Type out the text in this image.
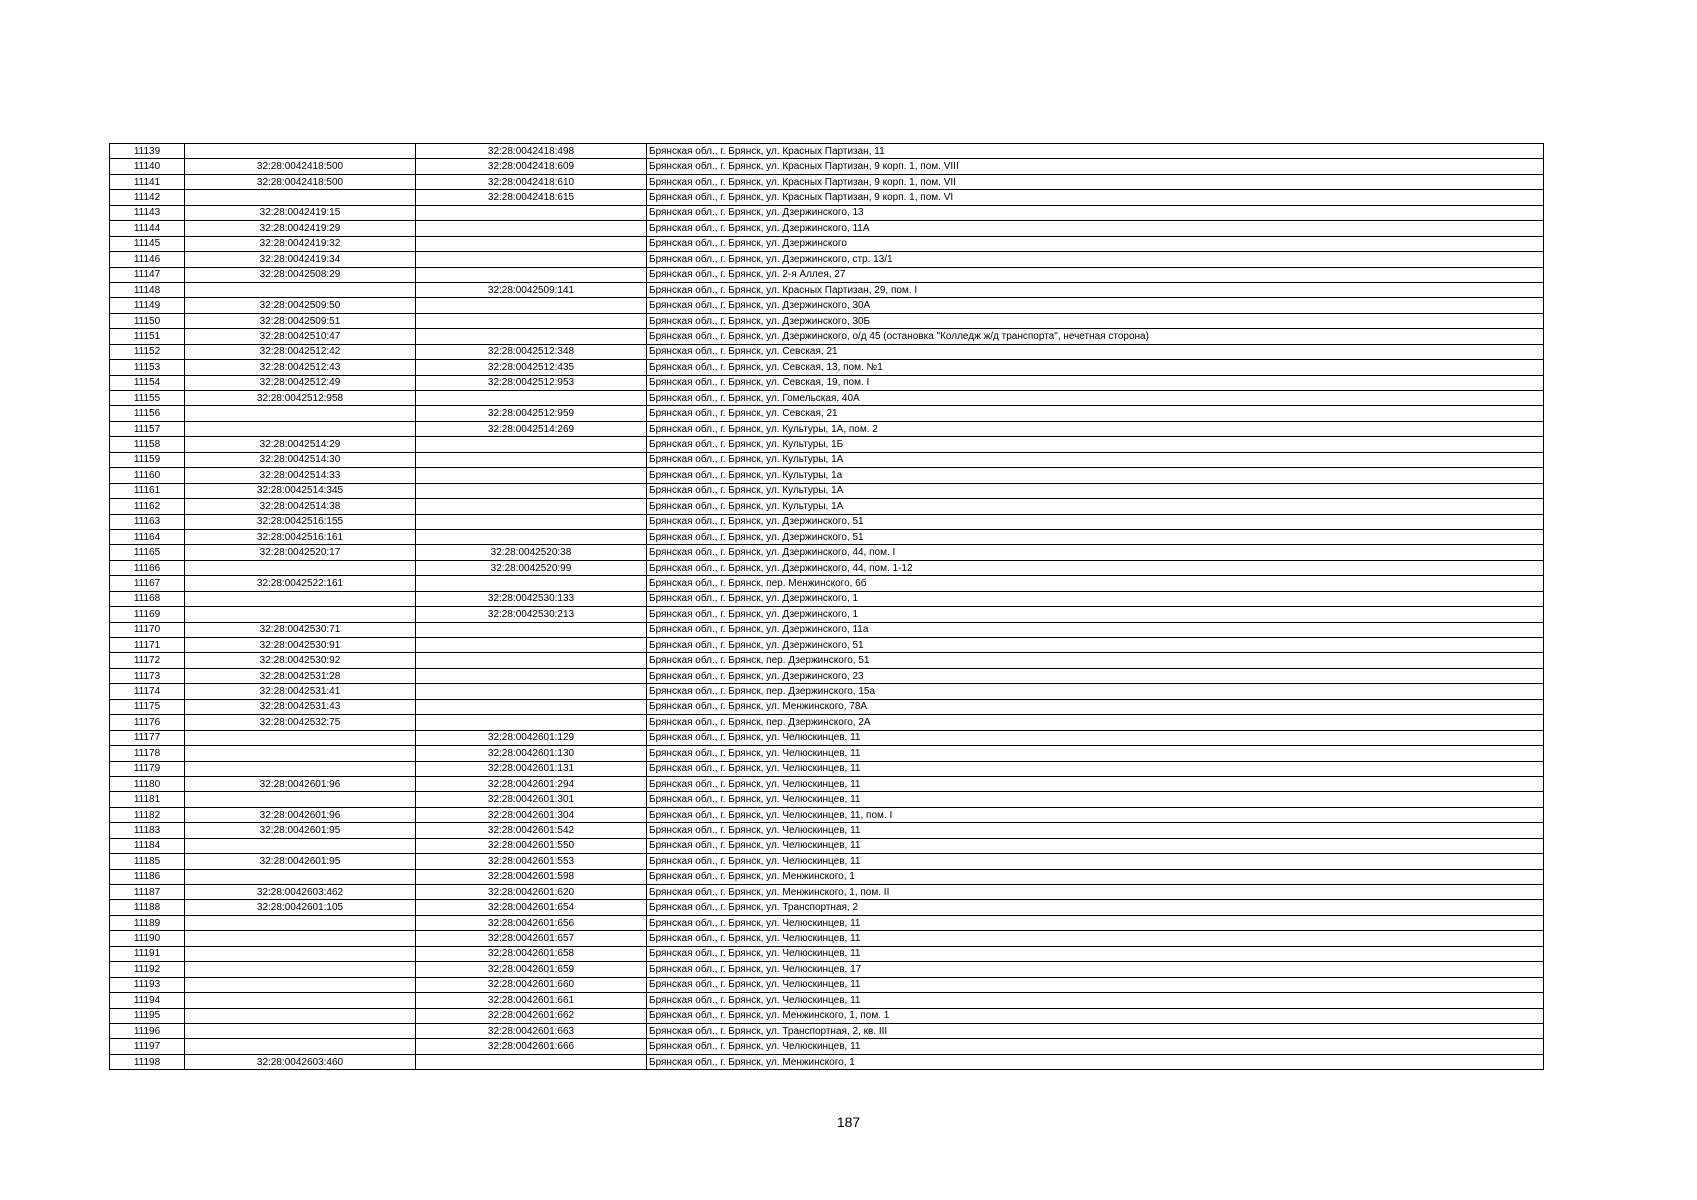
11139		32:28:0042418:498	Брянская обл., г. Брянск, ул. Красных Партизан, 11
11140	32:28:0042418:500	32:28:0042418:609	Брянская обл., г. Брянск, ул. Красных Партизан, 9 корп. 1, пом. VIII
11141	32:28:0042418:500	32:28:0042418:610	Брянская обл., г. Брянск, ул. Красных Партизан, 9 корп. 1, пом. VII
11142		32:28:0042418:615	Брянская обл., г. Брянск, ул. Красных Партизан, 9 корп. 1, пом. VI
11143	32:28:0042419:15		Брянская обл., г. Брянск, ул. Дзержинского, 13
11144	32:28:0042419:29		Брянская обл., г. Брянск, ул. Дзержинского, 11А
11145	32:28:0042419:32		Брянская обл., г. Брянск, ул. Дзержинского
11146	32:28:0042419:34		Брянская обл., г. Брянск, ул. Дзержинского, стр. 13/1
11147	32:28:0042508:29		Брянская обл., г. Брянск, ул. 2-я Аллея, 27
11148		32:28:0042509:141	Брянская обл., г. Брянск, ул. Красных Партизан, 29, пом. I
11149	32:28:0042509:50		Брянская обл., г. Брянск, ул. Дзержинского, 30А
11150	32:28:0042509:51		Брянская обл., г. Брянск, ул. Дзержинского, 30Б
11151	32:28:0042510:47		Брянская обл., г. Брянск, ул. Дзержинского, о/д 45 (остановка "Колледж ж/д транспорта", нечетная сторона)
11152	32:28:0042512:42	32:28:0042512:348	Брянская обл., г. Брянск, ул. Севская, 21
11153	32:28:0042512:43	32:28:0042512:435	Брянская обл., г. Брянск, ул. Севская, 13, пом. №1
11154	32:28:0042512:49	32:28:0042512:953	Брянская обл., г. Брянск, ул. Севская, 19, пом. I
11155	32:28:0042512:958		Брянская обл., г. Брянск, ул. Гомельская, 40А
11156		32:28:0042512:959	Брянская обл., г. Брянск, ул. Севская, 21
11157		32:28:0042514:269	Брянская обл., г. Брянск, ул. Культуры, 1А, пом. 2
11158	32:28:0042514:29		Брянская обл., г. Брянск, ул. Культуры, 1Б
11159	32:28:0042514:30		Брянская обл., г. Брянск, ул. Культуры, 1А
11160	32:28:0042514:33		Брянская обл., г. Брянск, ул. Культуры, 1а
11161	32:28:0042514:345		Брянская обл., г. Брянск, ул. Культуры, 1А
11162	32:28:0042514:38		Брянская обл., г. Брянск, ул. Культуры, 1А
11163	32:28:0042516:155		Брянская обл., г. Брянск, ул. Дзержинского, 51
11164	32:28:0042516:161		Брянская обл., г. Брянск, ул. Дзержинского, 51
11165	32:28:0042520:17	32:28:0042520:38	Брянская обл., г. Брянск, ул. Дзержинского, 44, пом. I
11166		32:28:0042520:99	Брянская обл., г. Брянск, ул. Дзержинского, 44, пом. 1-12
11167	32:28:0042522:161		Брянская обл., г. Брянск, пер. Менжинского, 6б
11168		32:28:0042530:133	Брянская обл., г. Брянск, ул. Дзержинского, 1
11169		32:28:0042530:213	Брянская обл., г. Брянск, ул. Дзержинского, 1
11170	32:28:0042530:71		Брянская обл., г. Брянск, ул. Дзержинского, 11а
11171	32:28:0042530:91		Брянская обл., г. Брянск, ул. Дзержинского, 51
11172	32:28:0042530:92		Брянская обл., г. Брянск, пер. Дзержинского, 51
11173	32:28:0042531:28		Брянская обл., г. Брянск, ул. Дзержинского, 23
11174	32:28:0042531:41		Брянская обл., г. Брянск, пер. Дзержинского, 15а
11175	32:28:0042531:43		Брянская обл., г. Брянск, ул. Менжинского, 78А
11176	32:28:0042532:75		Брянская обл., г. Брянск, пер. Дзержинского, 2А
11177		32:28:0042601:129	Брянская обл., г. Брянск, ул. Челюскинцев, 11
11178		32:28:0042601:130	Брянская обл., г. Брянск, ул. Челюскинцев, 11
11179		32:28:0042601:131	Брянская обл., г. Брянск, ул. Челюскинцев, 11
11180	32:28:0042601:96	32:28:0042601:294	Брянская обл., г. Брянск, ул. Челюскинцев, 11
11181		32:28:0042601:301	Брянская обл., г. Брянск, ул. Челюскинцев, 11
11182	32:28:0042601:96	32:28:0042601:304	Брянская обл., г. Брянск, ул. Челюскинцев, 11, пом. I
11183	32:28:0042601:95	32:28:0042601:542	Брянская обл., г. Брянск, ул. Челюскинцев, 11
11184		32:28:0042601:550	Брянская обл., г. Брянск, ул. Челюскинцев, 11
11185	32:28:0042601:95	32:28:0042601:553	Брянская обл., г. Брянск, ул. Челюскинцев, 11
11186		32:28:0042601:598	Брянская обл., г. Брянск, ул. Менжинского, 1
11187	32:28:0042603:462	32:28:0042601:620	Брянская обл., г. Брянск, ул. Менжинского, 1, пом. II
11188	32:28:0042601:105	32:28:0042601:654	Брянская обл., г. Брянск, ул. Транспортная, 2
11189		32:28:0042601:656	Брянская обл., г. Брянск, ул. Челюскинцев, 11
11190		32:28:0042601:657	Брянская обл., г. Брянск, ул. Челюскинцев, 11
11191		32:28:0042601:658	Брянская обл., г. Брянск, ул. Челюскинцев, 11
11192		32:28:0042601:659	Брянская обл., г. Брянск, ул. Челюскинцев, 17
11193		32:28:0042601:660	Брянская обл., г. Брянск, ул. Челюскинцев, 11
11194		32:28:0042601:661	Брянская обл., г. Брянск, ул. Челюскинцев, 11
11195		32:28:0042601:662	Брянская обл., г. Брянск, ул. Менжинского, 1, пом. 1
11196		32:28:0042601:663	Брянская обл., г. Брянск, ул. Транспортная, 2, кв. III
11197		32:28:0042601:666	Брянская обл., г. Брянск, ул. Челюскинцев, 11
11198	32:28:0042603:460		Брянская обл., г. Брянск, ул. Менжинского, 1
187
